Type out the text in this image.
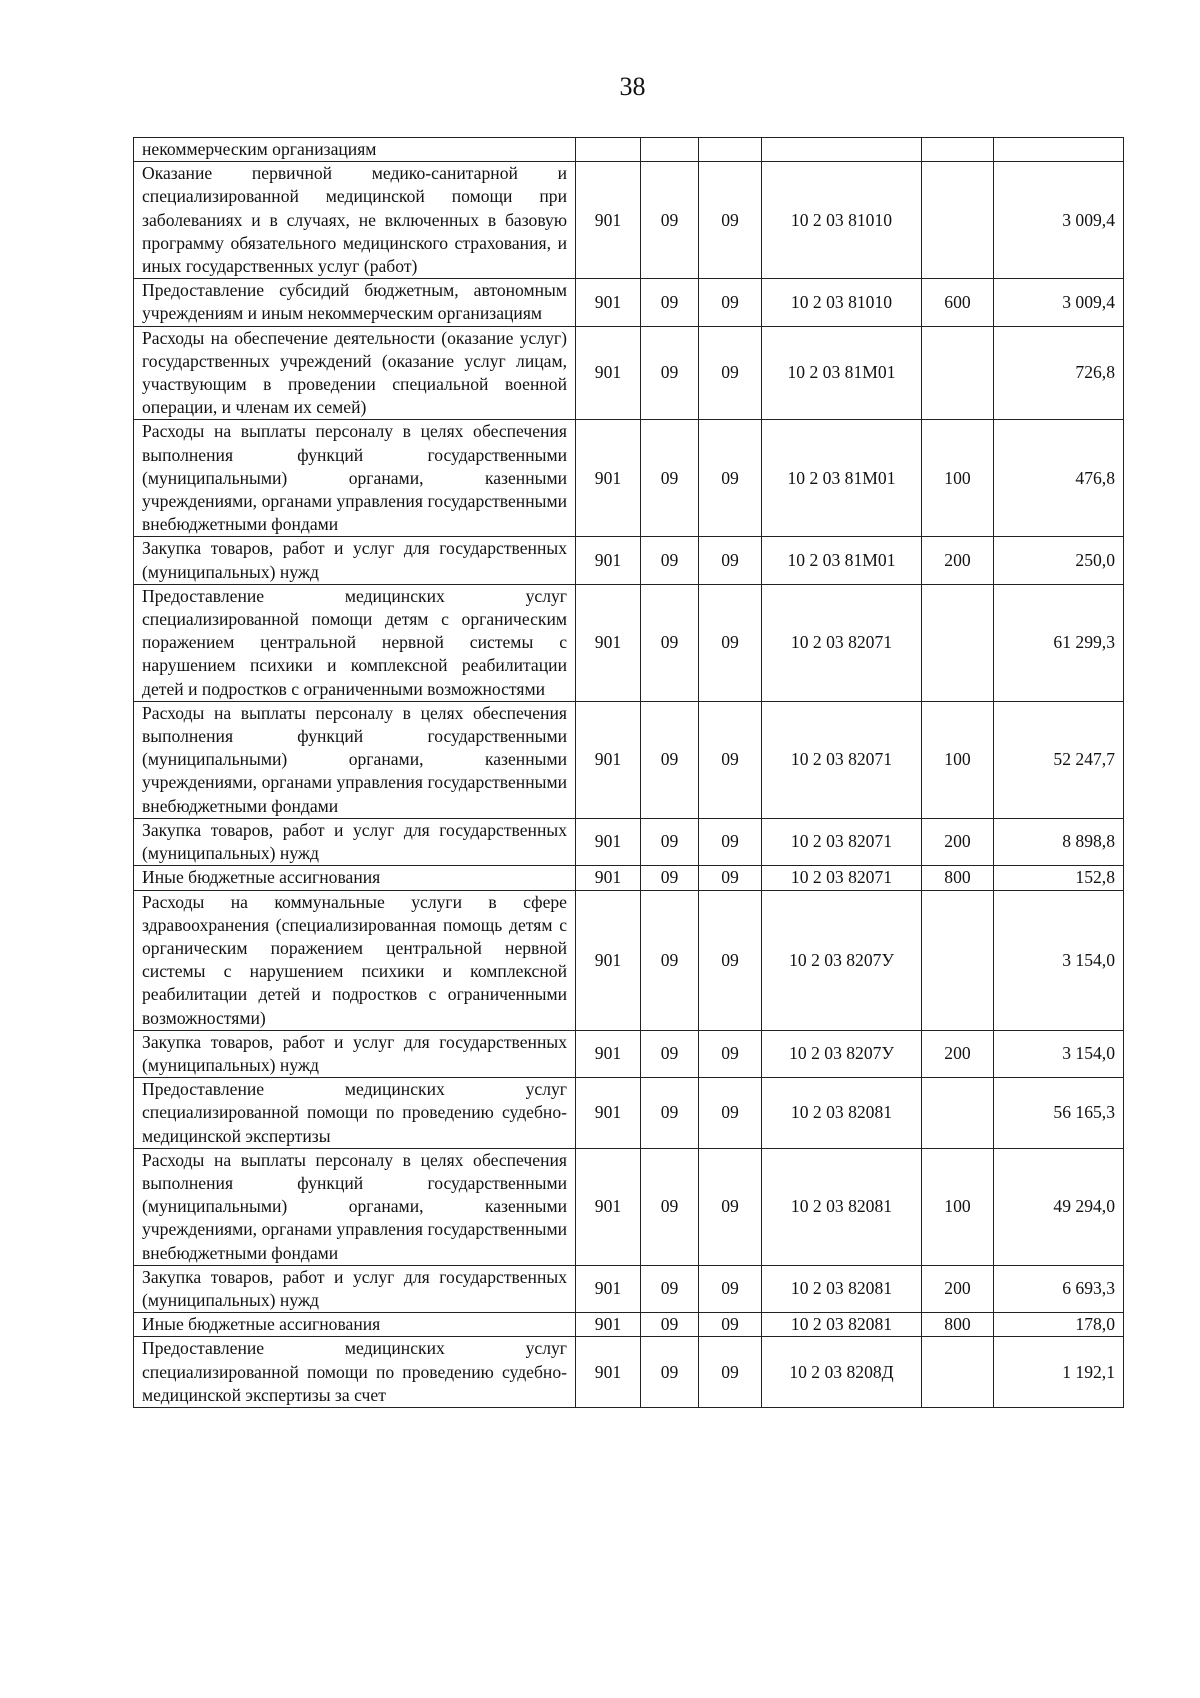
38
некоммерческим организациям						
Оказание первичной медико-санитарной и специализированной медицинской помощи при заболеваниях и в случаях, не включенных в базовую программу обязательного медицинского страхования, и иных государственных услуг (работ)	901	09	09	10 2 03 81010		3 009,4
Предоставление субсидий бюджетным, автономным учреждениям и иным некоммерческим организациям	901	09	09	10 2 03 81010	600	3 009,4
Расходы на обеспечение деятельности (оказание услуг) государственных учреждений (оказание услуг лицам, участвующим в проведении специальной военной операции, и членам их семей)	901	09	09	10 2 03 81М01		726,8
Расходы на выплаты персоналу в целях обеспечения выполнения функций государственными (муниципальными) органами, казенными учреждениями, органами управления государственными внебюджетными фондами	901	09	09	10 2 03 81М01	100	476,8
Закупка товаров, работ и услуг для государственных (муниципальных) нужд	901	09	09	10 2 03 81М01	200	250,0
Предоставление медицинских услуг специализированной помощи детям с органическим поражением центральной нервной системы с нарушением психики и комплексной реабилитации детей и подростков с ограниченными возможностями	901	09	09	10 2 03 82071		61 299,3
Расходы на выплаты персоналу в целях обеспечения выполнения функций государственными (муниципальными) органами, казенными учреждениями, органами управления государственными внебюджетными фондами	901	09	09	10 2 03 82071	100	52 247,7
Закупка товаров, работ и услуг для государственных (муниципальных) нужд	901	09	09	10 2 03 82071	200	8 898,8
Иные бюджетные ассигнования	901	09	09	10 2 03 82071	800	152,8
Расходы на коммунальные услуги в сфере здравоохранения (специализированная помощь детям с органическим поражением центральной нервной системы с нарушением психики и комплексной реабилитации детей и подростков с ограниченными возможностями)	901	09	09	10 2 03 8207У		3 154,0
Закупка товаров, работ и услуг для государственных (муниципальных) нужд	901	09	09	10 2 03 8207У	200	3 154,0
Предоставление медицинских услуг специализированной помощи по проведению судебно-медицинской экспертизы	901	09	09	10 2 03 82081		56 165,3
Расходы на выплаты персоналу в целях обеспечения выполнения функций государственными (муниципальными) органами, казенными учреждениями, органами управления государственными внебюджетными фондами	901	09	09	10 2 03 82081	100	49 294,0
Закупка товаров, работ и услуг для государственных (муниципальных) нужд	901	09	09	10 2 03 82081	200	6 693,3
Иные бюджетные ассигнования	901	09	09	10 2 03 82081	800	178,0
Предоставление медицинских услуг специализированной помощи по проведению судебно-медицинской экспертизы за счет	901	09	09	10 2 03 8208Д		1 192,1
